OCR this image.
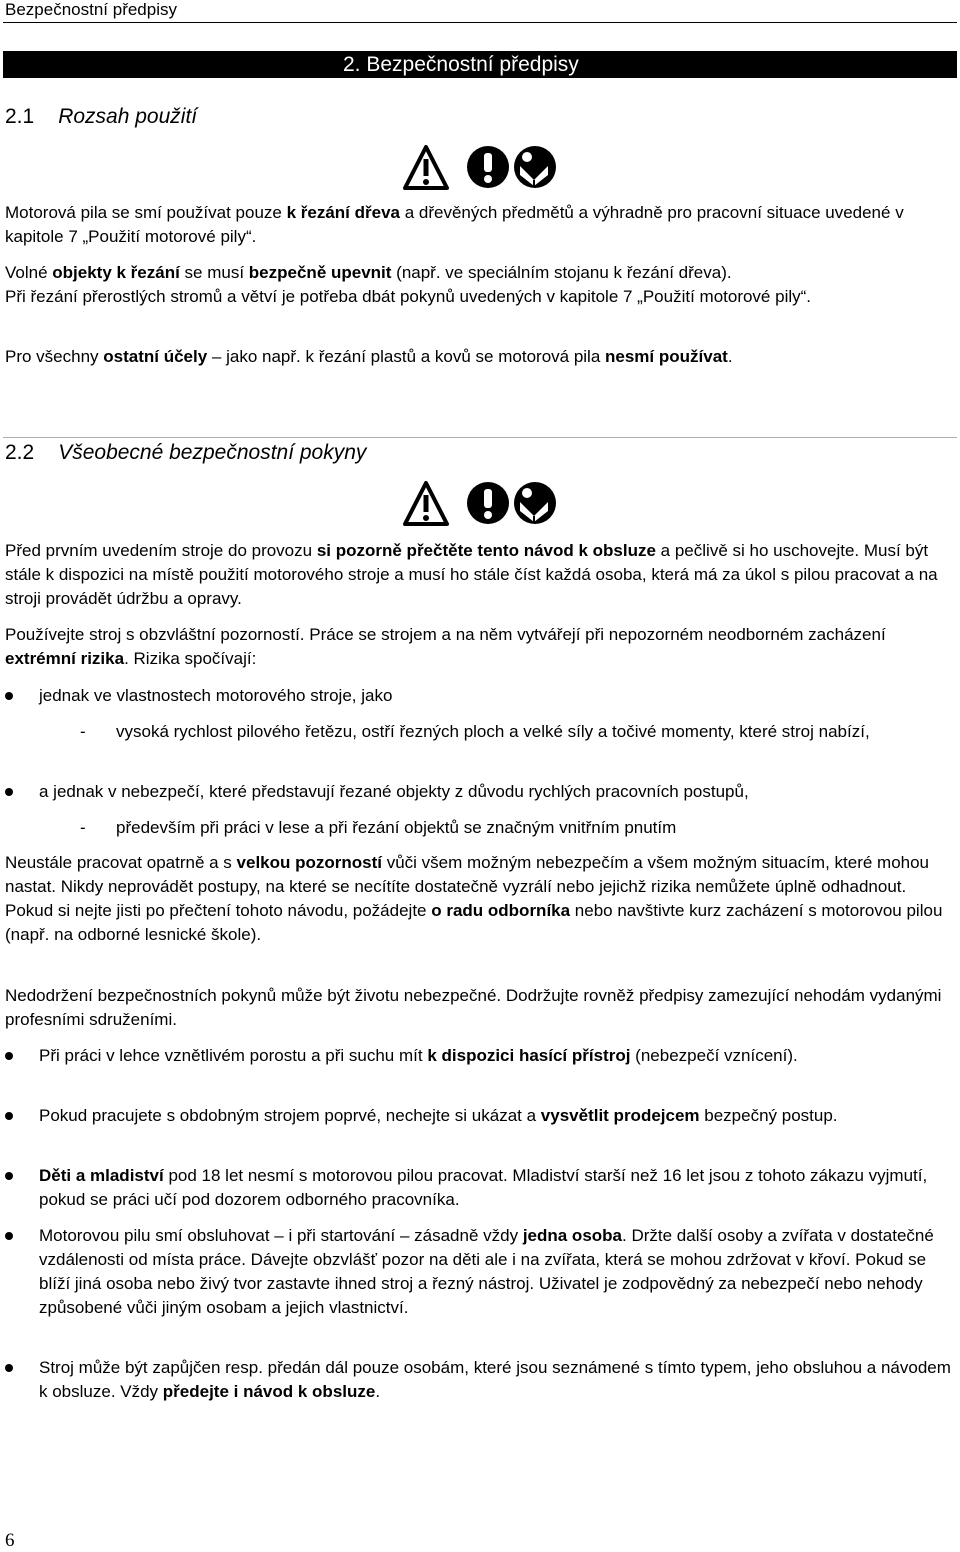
Bezpečnostní předpisy
2. Bezpečnostní předpisy
2.1 Rozsah použití
Motorová pila se smí používat pouze k řezání dřeva a dřevěných předmětů a výhradně pro pracovní situace uvedené v kapitole 7 „Použití motorové pily“.
Volné objekty k řezání se musí bezpečně upevnit (např. ve speciálním stojanu k řezání dřeva).
Při řezání přerostlých stromů a větví je potřeba dbát pokynů uvedených v kapitole 7 „Použití motorové pily“.
Pro všechny ostatní účely – jako např. k řezání plastů a kovů se motorová pila nesmí používat.
2.2 Všeobecné bezpečnostní pokyny
Před prvním uvedením stroje do provozu si pozorně přečtěte tento návod k obsluze a pečlivě si ho uschovejte. Musí být stále k dispozici na místě použití motorového stroje a musí ho stále číst každá osoba, která má za úkol s pilou pracovat a na stroji provádět údržbu a opravy.
Používejte stroj s obzvláštní pozorností. Práce se strojem a na něm vytvářejí při nepozorném neodborném zacházení extrémní rizika. Rizika spočívají:
jednak ve vlastnostech motorového stroje, jako
- vysoká rychlost pilového řetězu, ostří řezných ploch a velké síly a točivé momenty, které stroj nabízí,
a jednak v nebezpečí, které představují řezané objekty z důvodu rychlých pracovních postupů,
- především při práci v lese a při řezání objektů se značným vnitřním pnutím
Neustále pracovat opatrně a s velkou pozorností vůči všem možným nebezpečím a všem možným situacím, které mohou nastat. Nikdy neprovádět postupy, na které se necítíte dostatečně vyzrálí nebo jejichž rizika nemůžete úplně odhadnout. Pokud si nejte jisti po přečtení tohoto návodu, požádejte o radu odborníka nebo navštivte kurz zacházení s motorovou pilou (např. na odborné lesnické škole).
Nedodržení bezpečnostních pokynů může být životu nebezpečné. Dodržujte rovněž předpisy zamezující nehodám vydanými profesními sdruženími.
Při práci v lehce vznětlivém porostu a při suchu mít k dispozici hasící přístroj (nebezpečí vznícení).
Pokud pracujete s obdobným strojem poprvé, nechejte si ukázat a vysvětlit prodejcem bezpečný postup.
Děti a mladiství pod 18 let nesmí s motorovou pilou pracovat. Mladiství starší než 16 let jsou z tohoto zákazu vyjmutí, pokud se práci učí pod dozorem odborného pracovníka.
Motorovou pilu smí obsluhovat – i při startování – zásadně vždy jedna osoba. Držte další osoby a zvířata v dostatečné vzdálenosti od místa práce. Dávejte obzvlášť pozor na děti ale i na zvířata, která se mohou zdržovat v křoví. Pokud se blíží jiná osoba nebo živý tvor zastavte ihned stroj a řezný nástroj. Uživatel je zodpovědný za nebezpečí nebo nehody způsobené vůči jiným osobam a jejich vlastnictví.
Stroj může být zapůjčen resp. předán dál pouze osobám, které jsou seznámené s tímto typem, jeho obsluhou a návodem k obsluze. Vždy předejte i návod k obsluze.
6
